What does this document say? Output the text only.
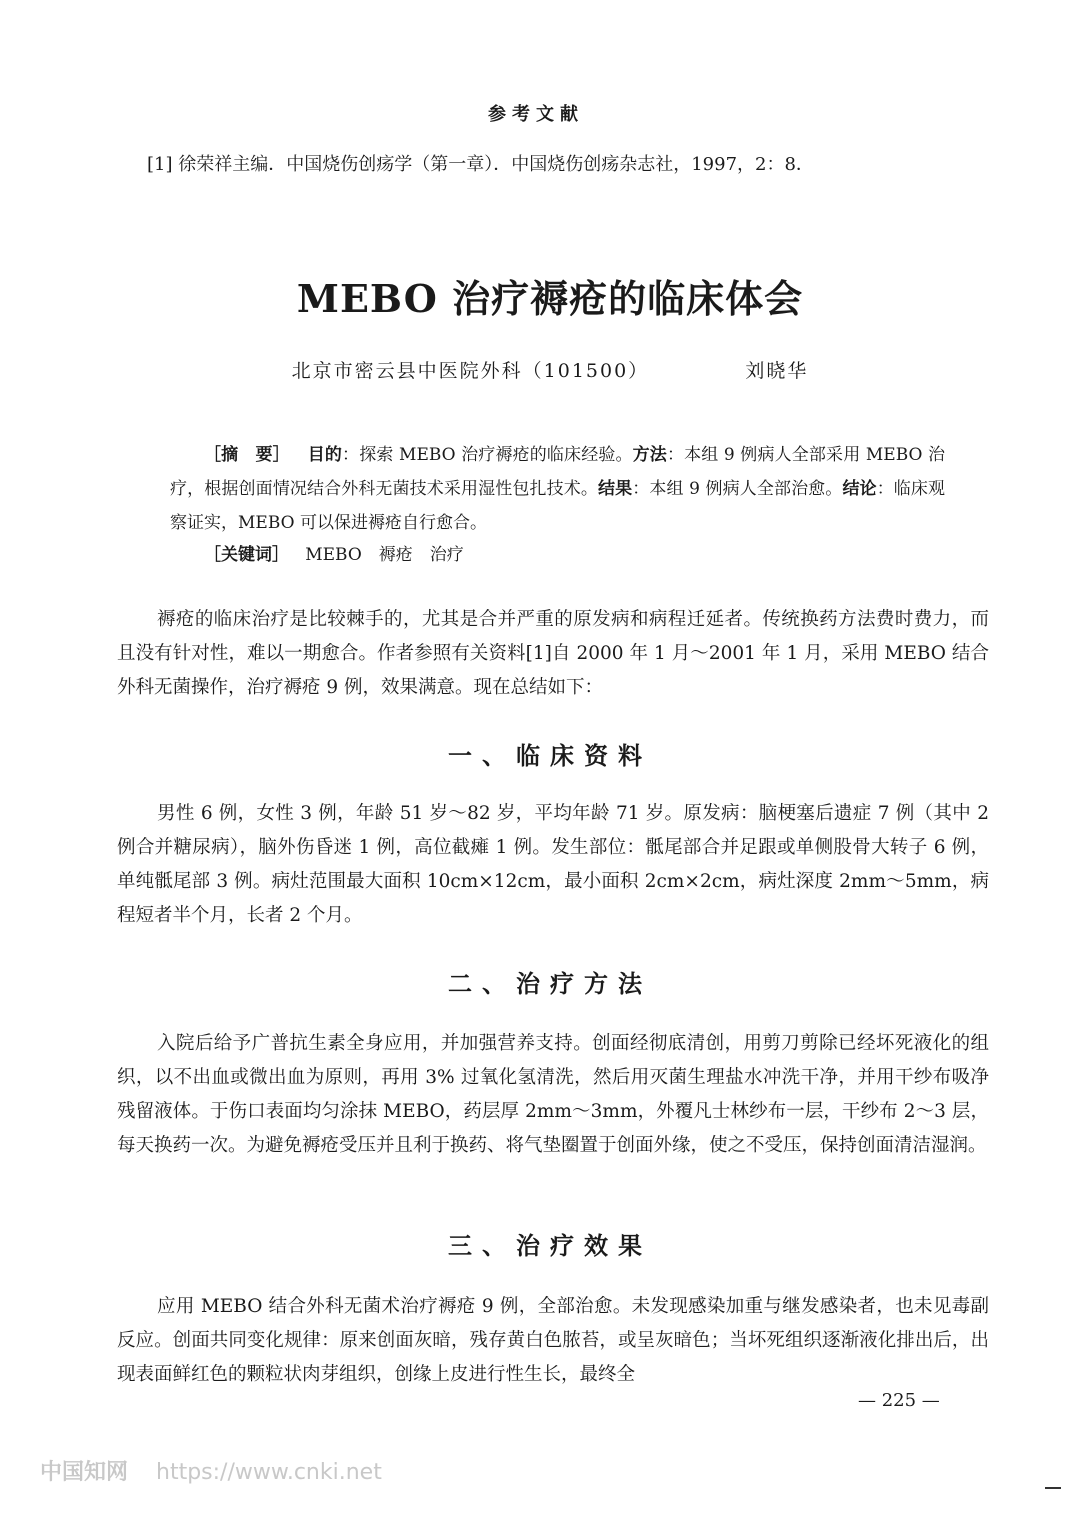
参考文献
[1] 徐荣祥主编．中国烧伤创疡学（第一章）．中国烧伤创疡杂志社，1997，2：8．
MEBO 治疗褥疮的临床体会
北京市密云县中医院外科（101500）	刘晓华
［摘　要］ 目的：探索 MEBO 治疗褥疮的临床经验。方法：本组 9 例病人全部采用 MEBO 治疗，根据创面情况结合外科无菌技术采用湿性包扎技术。结果：本组 9 例病人全部治愈。结论：临床观察证实，MEBO 可以保进褥疮自行愈合。
［关键词］ MEBO　褥疮　治疗
褥疮的临床治疗是比较棘手的，尤其是合并严重的原发病和病程迁延者。传统换药方法费时费力，而且没有针对性，难以一期愈合。作者参照有关资料[1]自 2000 年 1 月～2001 年 1 月，采用 MEBO 结合外科无菌操作，治疗褥疮 9 例，效果满意。现在总结如下：
一、临床资料
男性 6 例，女性 3 例，年龄 51 岁～82 岁，平均年龄 71 岁。原发病：脑梗塞后遗症 7 例（其中 2 例合并糖尿病），脑外伤昏迷 1 例，高位截瘫 1 例。发生部位：骶尾部合并足跟或单侧股骨大转子 6 例，单纯骶尾部 3 例。病灶范围最大面积 10cm×12cm，最小面积 2cm×2cm，病灶深度 2mm～5mm，病程短者半个月，长者 2 个月。
二、治疗方法
入院后给予广普抗生素全身应用，并加强营养支持。创面经彻底清创，用剪刀剪除已经坏死液化的组织，以不出血或微出血为原则，再用 3% 过氧化氢清洗，然后用灭菌生理盐水冲洗干净，并用干纱布吸净残留液体。于伤口表面均匀涂抹 MEBO，药层厚 2mm～3mm，外覆凡士林纱布一层，干纱布 2～3 层，每天换药一次。为避免褥疮受压并且利于换药、将气垫圈置于创面外缘，使之不受压，保持创面清洁湿润。
三、治疗效果
应用 MEBO 结合外科无菌术治疗褥疮 9 例，全部治愈。未发现感染加重与继发感染者，也未见毒副反应。创面共同变化规律：原来创面灰暗，残存黄白色脓苔，或呈灰暗色；当坏死组织逐渐液化排出后，出现表面鲜红色的颗粒状肉芽组织，创缘上皮进行性生长，最终全
— 225 —
中国知网 https://www.cnki.net
